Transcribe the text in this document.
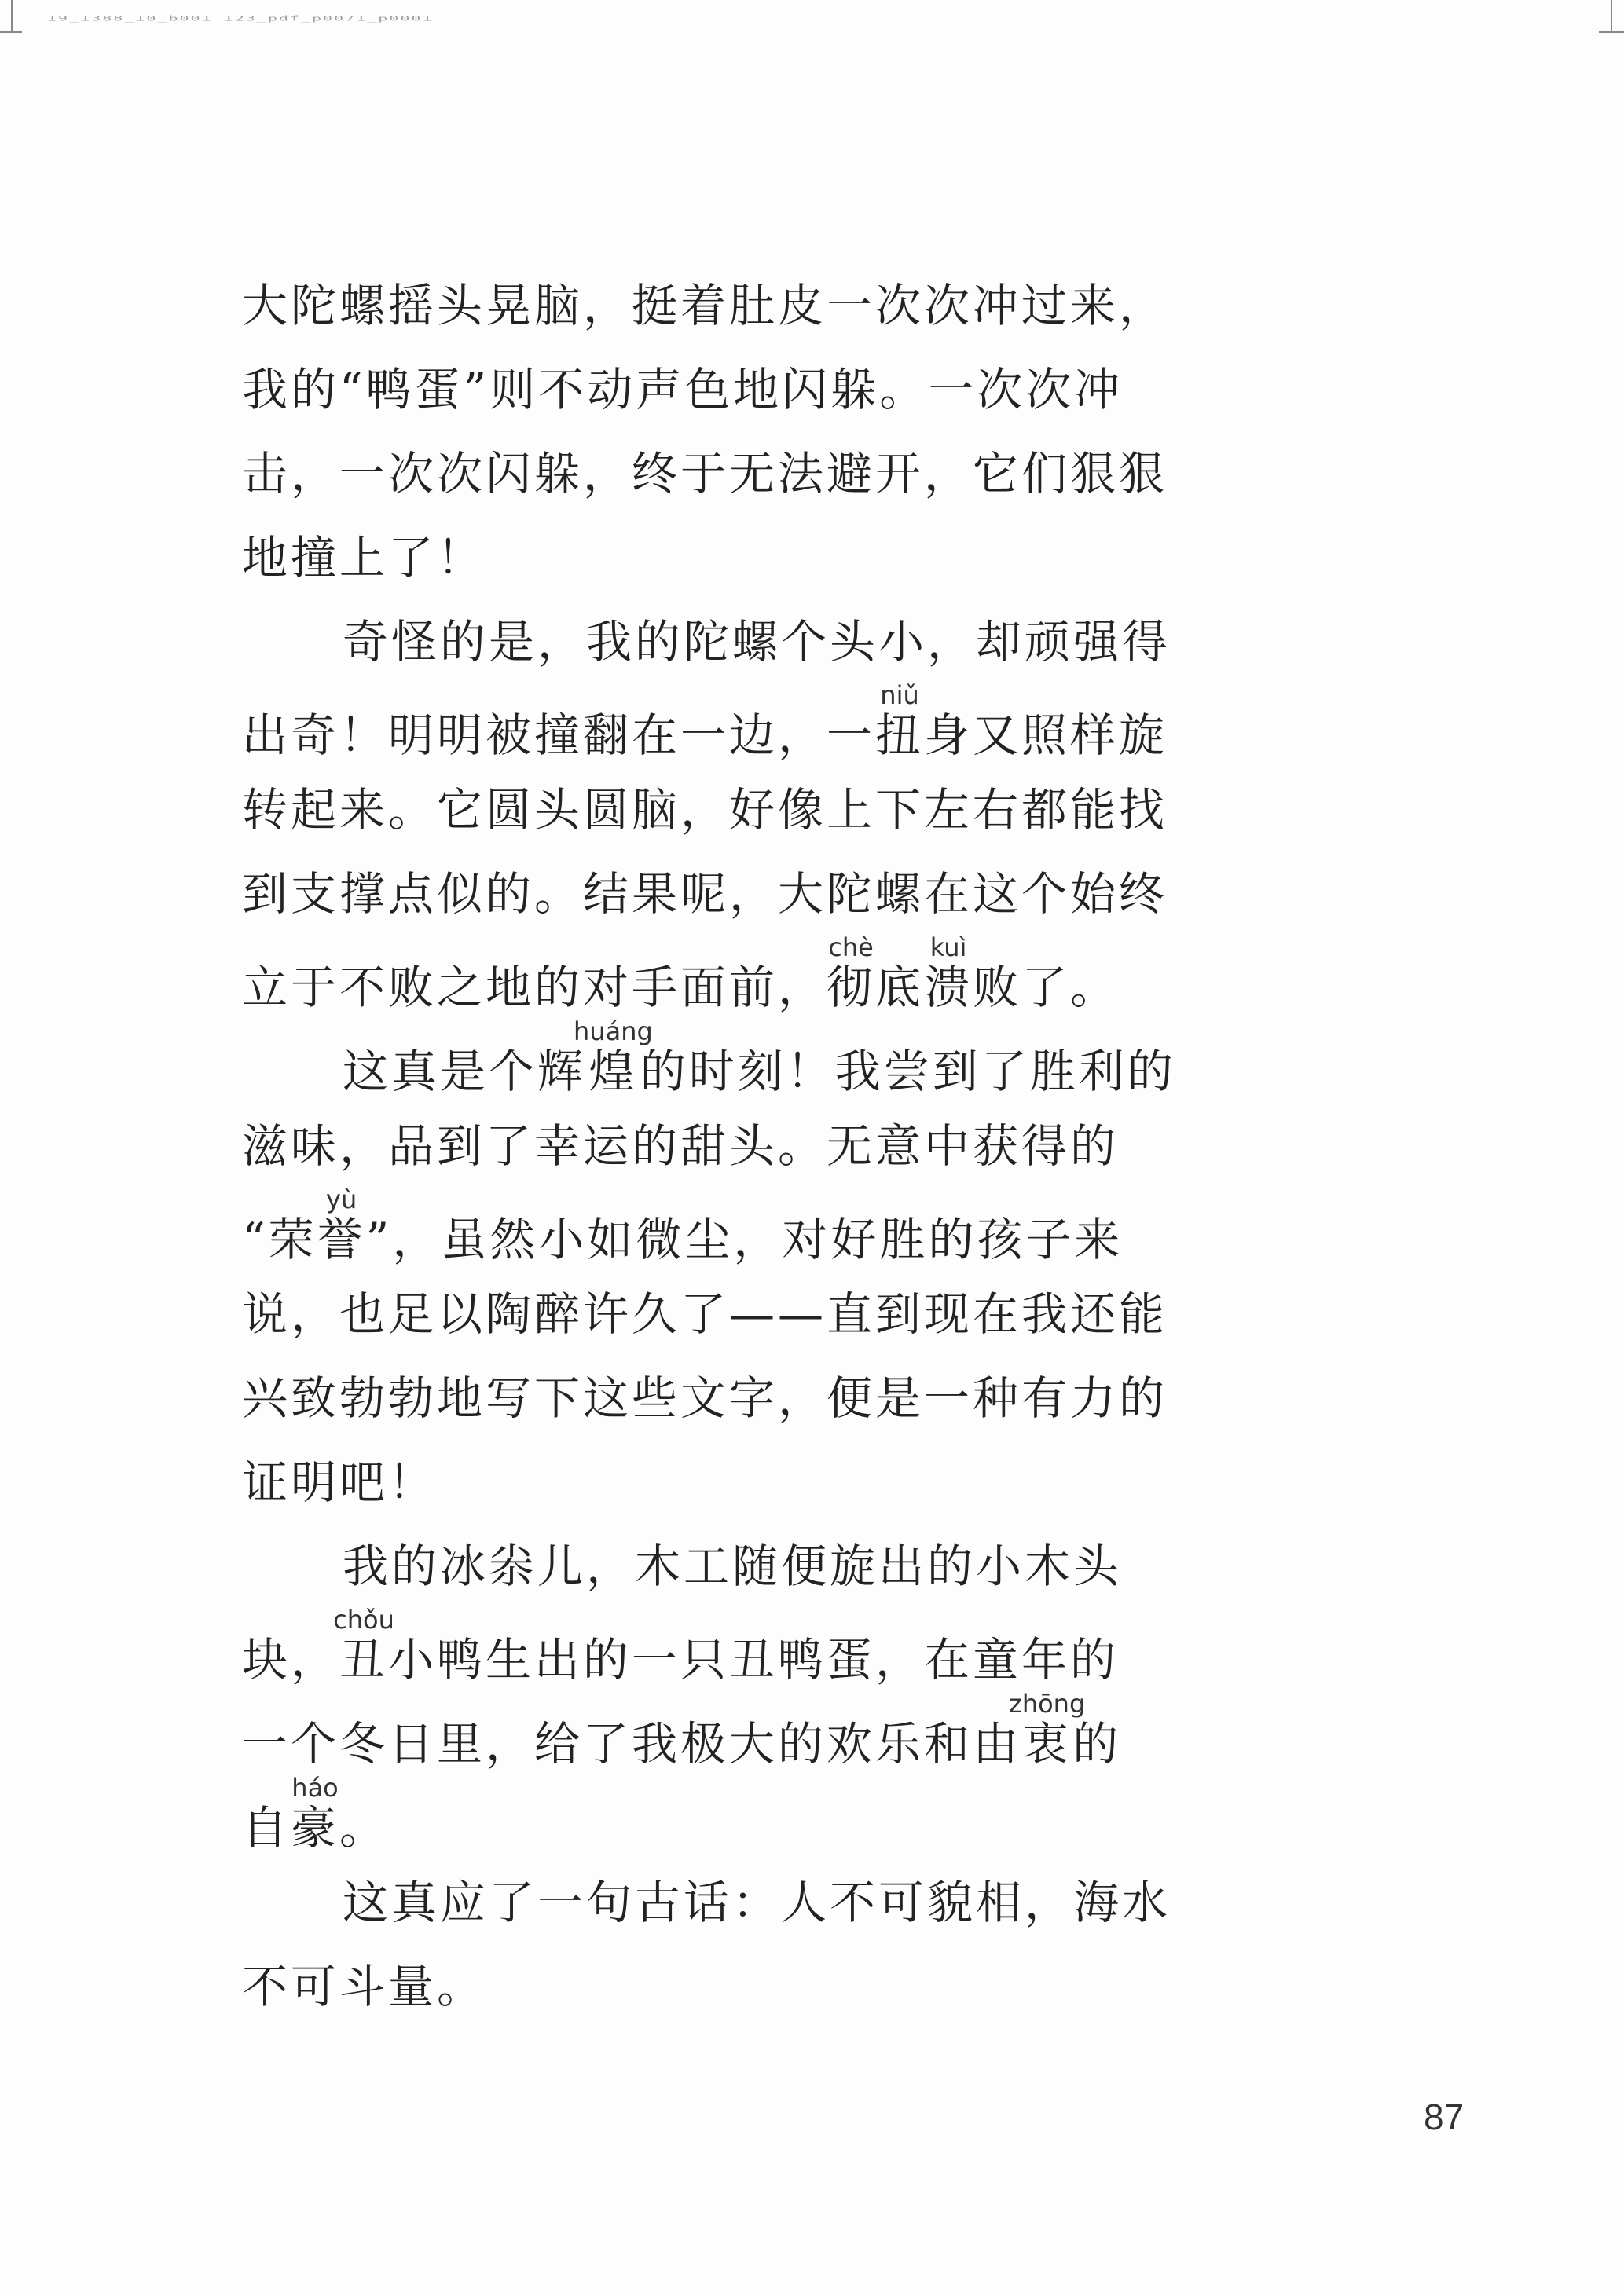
19_1388_10_b001 123_pdf_p0071_p0001
大陀螺摇头晃脑，挺着肚皮一次次冲过来，
我的“鸭蛋”则不动声色地闪躲。一次次冲
击，一次次闪躲，终于无法避开，它们狠狠
地撞上了！
奇怪的是，我的陀螺个头小，却顽强得
出奇！明明被撞翻在一边，一扭niǔ身又照样旋
转起来。它圆头圆脑，好像上下左右都能找
到支撑点似的。结果呢，大陀螺在这个始终
立于不败之地的对手面前，彻chè底溃kuì败了。
这真是个辉煌huáng的时刻！我尝到了胜利的
滋味，品到了幸运的甜头。无意中获得的
“荣誉yù”，虽然小如微尘，对好胜的孩子来
说，也足以陶醉许久了——直到现在我还能
兴致勃勃地写下这些文字，便是一种有力的
证明吧！
我的冰尜儿，木工随便旋出的小木头
块，丑chǒu小鸭生出的一只丑鸭蛋，在童年的
一个冬日里，给了我极大的欢乐和由衷zhōng的
自豪háo。
这真应了一句古话：人不可貌相，海水
不可斗量。
87
